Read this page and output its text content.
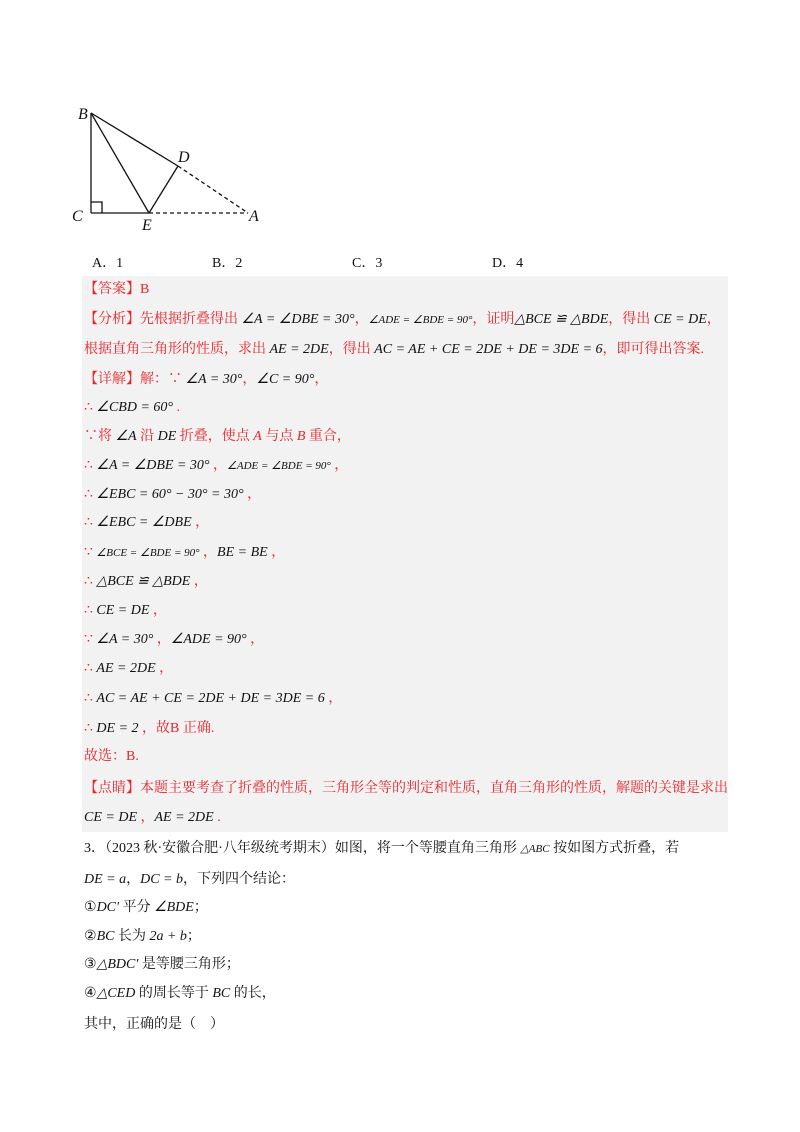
B
D
C
E
A
A．1	B．2	C．3	D．4
【答案】B
【分析】先根据折叠得出 ∠A = ∠DBE = 30°，∠ADE = ∠BDE = 90°，证明△BCE ≌ △BDE，得出 CE = DE，
根据直角三角形的性质，求出 AE = 2DE，得出 AC = AE + CE = 2DE + DE = 3DE = 6，即可得出答案.
【详解】解：∵ ∠A = 30°，∠C = 90°，
∴ ∠CBD = 60° .
∵将 ∠A 沿 DE 折叠，使点 A 与点 B 重合，
∴ ∠A = ∠DBE = 30° ，∠ADE = ∠BDE = 90° ，
∴ ∠EBC = 60° − 30° = 30° ，
∴ ∠EBC = ∠DBE ，
∵ ∠BCE = ∠BDE = 90° ，BE = BE ，
∴ △BCE ≌ △BDE ，
∴ CE = DE ，
∵ ∠A = 30° ，∠ADE = 90° ，
∴ AE = 2DE ，
∴ AC = AE + CE = 2DE + DE = 3DE = 6 ，
∴ DE = 2 ，故B 正确.
故选：B.
【点睛】本题主要考查了折叠的性质，三角形全等的判定和性质，直角三角形的性质，解题的关键是求出
CE = DE ，AE = 2DE .
3．（2023 秋·安徽合肥·八年级统考期末）如图，将一个等腰直角三角形 △ABC 按如图方式折叠，若
DE = a，DC = b，下列四个结论：
①DC′ 平分 ∠BDE；
②BC 长为 2a + b；
③△BDC′ 是等腰三角形；
④△CED 的周长等于 BC 的长，
其中，正确的是（　）
